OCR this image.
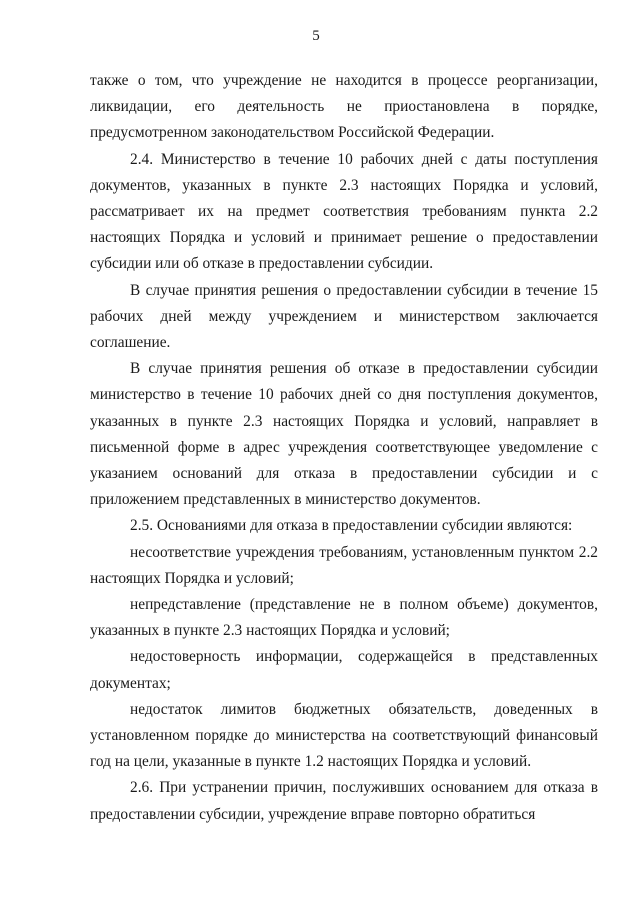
5

также о том, что учреждение не находится в процессе реорганизации, ликвидации, его деятельность не приостановлена в порядке, предусмотренном законодательством Российской Федерации.

2.4. Министерство в течение 10 рабочих дней с даты поступления документов, указанных в пункте 2.3 настоящих Порядка и условий, рассматривает их на предмет соответствия требованиям пункта 2.2 настоящих Порядка и условий и принимает решение о предоставлении субсидии или об отказе в предоставлении субсидии.

В случае принятия решения о предоставлении субсидии в течение 15 рабочих дней между учреждением и министерством заключается соглашение.

В случае принятия решения об отказе в предоставлении субсидии министерство в течение 10 рабочих дней со дня поступления документов, указанных в пункте 2.3 настоящих Порядка и условий, направляет в письменной форме в адрес учреждения соответствующее уведомление с указанием оснований для отказа в предоставлении субсидии и с приложением представленных в министерство документов.

2.5. Основаниями для отказа в предоставлении субсидии являются:

несоответствие учреждения требованиям, установленным пунктом 2.2 настоящих Порядка и условий;

непредставление (представление не в полном объеме) документов, указанных в пункте 2.3 настоящих Порядка и условий;

недостоверность информации, содержащейся в представленных документах;

недостаток лимитов бюджетных обязательств, доведенных в установленном порядке до министерства на соответствующий финансовый год на цели, указанные в пункте 1.2 настоящих Порядка и условий.

2.6. При устранении причин, послуживших основанием для отказа в предоставлении субсидии, учреждение вправе повторно обратиться
